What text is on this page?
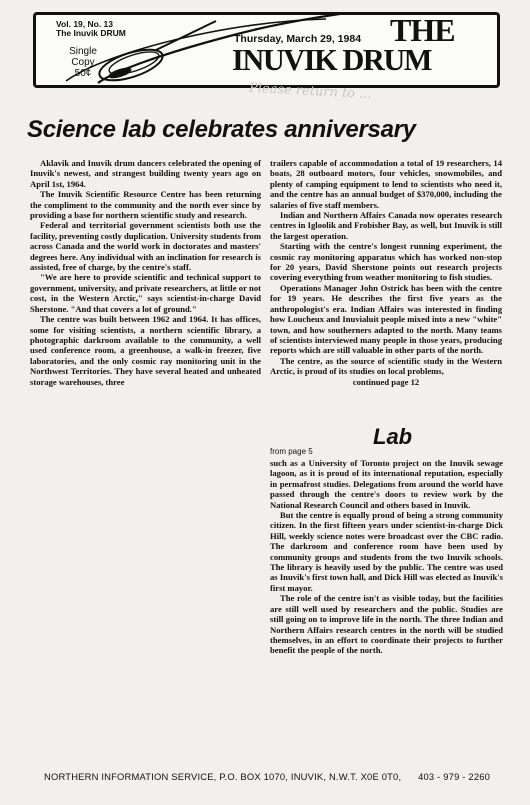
Vol. 19, No. 13
The Inuvik DRUM
Single
Copy
50¢
Thursday, March 29, 1984 THE
INUVIK DRUM
Please return to ...
Science lab celebrates anniversary

Aklavik and Inuvik drum dancers celebrated the opening of Inuvik's newest, and strangest building twenty years ago on April 1st, 1964.

The Inuvik Scientific Resource Centre has been returning the compliment to the community and the north ever since by providing a base for northern scientific study and research.

Federal and territorial government scientists both use the facility, preventing costly duplication. University students from across Canada and the world work in doctorates and masters' degrees here. Any individual with an inclination for research is assisted, free of charge, by the centre's staff.

"We are here to provide scientific and technical support to government, university, and private researchers, at little or not cost, in the Western Arctic," says scientist-in-charge David Sherstone. "And that covers a lot of ground."

The centre was built between 1962 and 1964. It has offices, some for visiting scientists, a northern scientific library, a photographic darkroom available to the community, a well used conference room, a greenhouse, a walk-in freezer, five laboratories, and the only cosmic ray monitoring unit in the Northwest Territories. They have several heated and unheated storage warehouses, three

trailers capable of accommodation a total of 19 researchers, 14 boats, 28 outboard motors, four vehicles, snowmobiles, and plenty of camping equipment to lend to scientists who need it, and the centre has an annual budget of $370,000, including the salaries of five staff members.

Indian and Northern Affairs Canada now operates research centres in Igloolik and Frobisher Bay, as well, but Inuvik is still the largest operation.

Starting with the centre's longest running experiment, the cosmic ray monitoring apparatus which has worked non-stop for 20 years, David Sherstone points out research projects covering everything from weather monitoring to fish studies.

Operations Manager John Ostrick has been with the centre for 19 years. He describes the first five years as the anthropologist's era. Indian Affairs was interested in finding how Loucheux and Inuvialuit people mixed into a new "white" town, and how southerners adapted to the north. Many teams of scientists interviewed many people in those years, producing reports which are still valuable in other parts of the north.

The centre, as the source of scientific study in the Western Arctic, is proud of its studies on local problems,

continued page 12

Lab
from page 5

such as a University of Toronto project on the Inuvik sewage lagoon, as it is proud of its international reputation, especially in permafrost studies. Delegations from around the world have passed through the centre's doors to review work by the National Research Council and others based in Inuvik.

But the centre is equally proud of being a strong community citizen. In the first fifteen years under scientist-in-charge Dick Hill, weekly science notes were broadcast over the CBC radio. The darkroom and conference room have been used by community groups and students from the two Inuvik schools. The library is heavily used by the public. The centre was used as Inuvik's first town hall, and Dick Hill was elected as Inuvik's first mayor.

The role of the centre isn't as visible today, but the facilities are still well used by researchers and the public. Studies are still going on to improve life in the north. The three Indian and Northern Affairs research centres in the north will be studied themselves, in an effort to coordinate their projects to further benefit the people of the north.

NORTHERN INFORMATION SERVICE, P.O. BOX 1070, INUVIK, N.W.T. X0E 0T0, 403 - 979 - 2260
